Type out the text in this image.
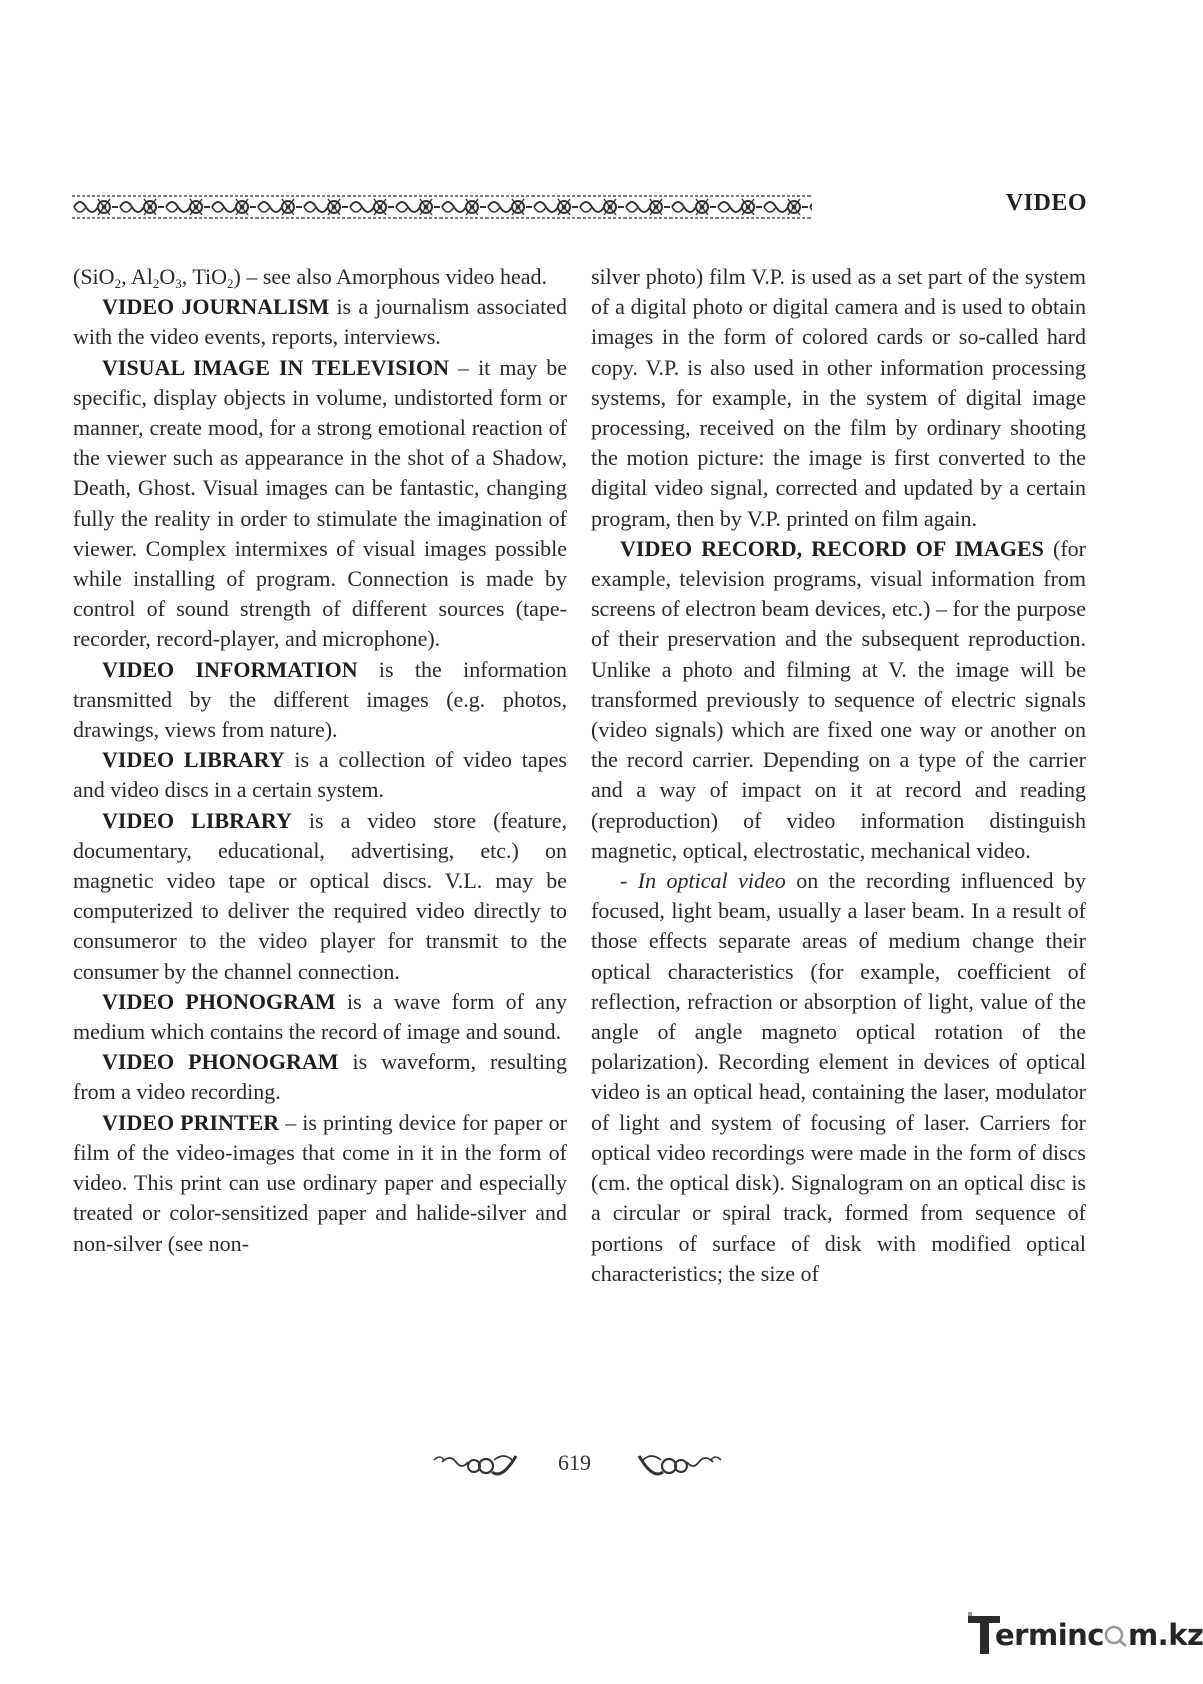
VIDEO

(SiO$_2$, $Al_2O_3$, TiO$_2$) – see also Amorphous video head.

VIDEO JOURNALISM is a journalism associated with the video events, reports, interviews.

VISUAL IMAGE IN TELEVISION – it may be specific, display objects in volume, undistorted form or manner, create mood, for a strong emotional reaction of the viewer such as appearance in the shot of a Shadow, Death, Ghost. Visual images can be fantastic, changing fully the reality in order to stimulate the imagination of viewer. Complex intermixes of visual images possible while installing of program. Connection is made by control of sound strength of different sources (tape-recorder, record-player, and microphone).

VIDEO INFORMATION is the information transmitted by the different images (e.g. photos, drawings, views from nature).

VIDEO LIBRARY is a collection of video tapes and video discs in a certain system.

VIDEO LIBRARY is a video store (feature, documentary, educational, advertising, etc.) on magnetic video tape or optical discs. V.L. may be computerized to deliver the required video directly to consumeror to the video player for transmit to the consumer by the channel connection.

VIDEO PHONOGRAM is a wave form of any medium which contains the record of image and sound.

VIDEO PHONOGRAM is waveform, resulting from a video recording.

VIDEO PRINTER – is printing device for paper or film of the video-images that come in it in the form of video. This print can use ordinary paper and especially treated or color-sensitized paper and halide-silver and non-silver (see non-

silver photo) film V.P. is used as a set part of the system of a digital photo or digital camera and is used to obtain images in the form of colored cards or so-called hard copy. V.P. is also used in other information processing systems, for example, in the system of digital image processing, received on the film by ordinary shooting the motion picture: the image is first converted to the digital video signal, corrected and updated by a certain program, then by V.P. printed on film again.

VIDEO RECORD, RECORD OF IMAGES (for example, television programs, visual information from screens of electron beam devices, etc.) – for the purpose of their preservation and the subsequent reproduction. Unlike a photo and filming at V. the image will be transformed previously to sequence of electric signals (video signals) which are fixed one way or another on the record carrier. Depending on a type of the carrier and a way of impact on it at record and reading (reproduction) of video information distinguish magnetic, optical, electrostatic, mechanical video.

- In optical video on the recording influenced by focused, light beam, usually a laser beam. In a result of those effects separate areas of medium change their optical characteristics (for example, coefficient of reflection, refraction or absorption of light, value of the angle of angle magneto optical rotation of the polarization). Recording element in devices of optical video is an optical head, containing the laser, modulator of light and system of focusing of laser. Carriers for optical video recordings were made in the form of discs (cm. the optical disk). Signalogram on an optical disc is a circular or spiral track, formed from sequence of portions of surface of disk with modified optical characteristics; the size of

619
erminc m.kz
